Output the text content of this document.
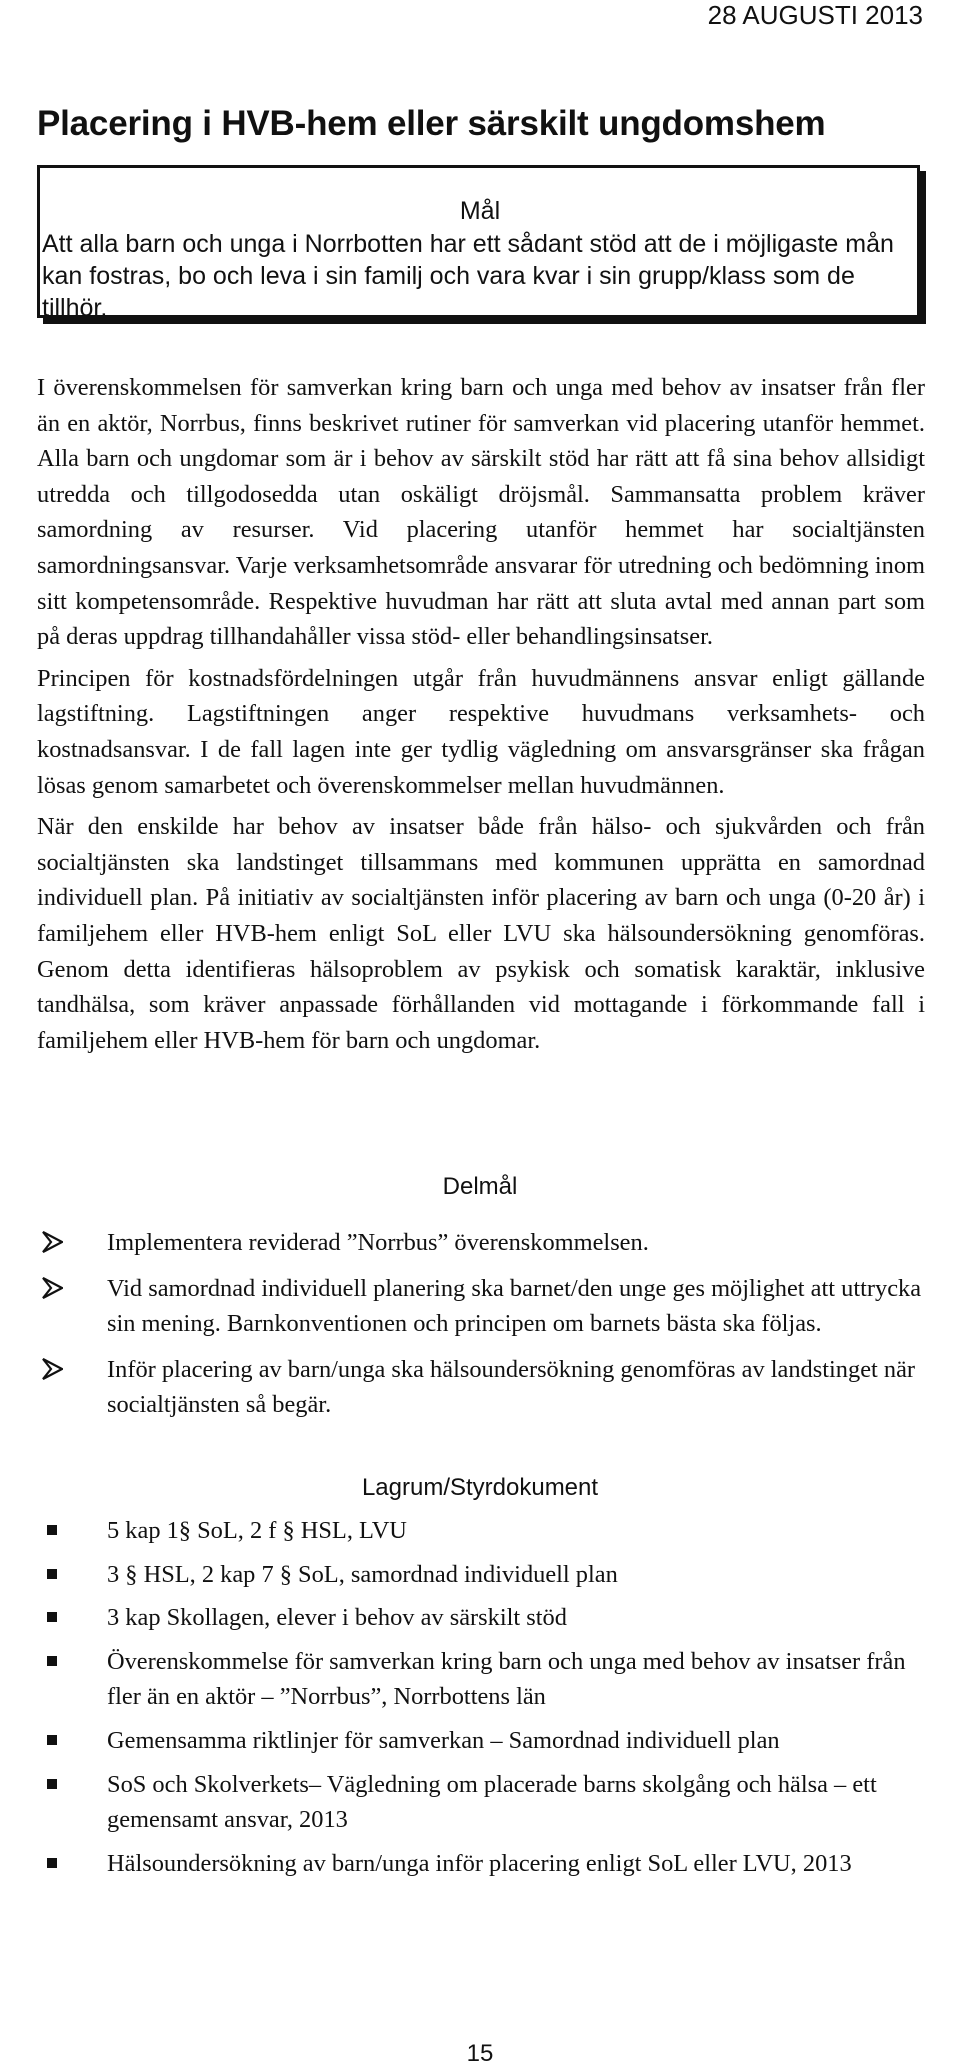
28 AUGUSTI 2013
Placering i HVB-hem eller särskilt ungdomshem
Mål
Att alla barn och unga i Norrbotten har ett sådant stöd att de i möjligaste mån kan fostras, bo och leva i sin familj och vara kvar i sin grupp/klass som de tillhör.

I överenskommelsen för samverkan kring barn och unga med behov av insatser från fler än en aktör, Norrbus, finns beskrivet rutiner för samverkan vid placering utanför hemmet. Alla barn och ungdomar som är i behov av särskilt stöd har rätt att få sina behov allsidigt utredda och tillgodosedda utan oskäligt dröjsmål. Sammansatta problem kräver samordning av resurser. Vid placering utanför hemmet har socialtjänsten samordningsansvar. Varje verksamhetsområde ansvarar för utredning och bedömning inom sitt kompetensområde. Respektive huvudman har rätt att sluta avtal med annan part som på deras uppdrag tillhandahåller vissa stöd- eller behandlingsinsatser.

Principen för kostnadsfördelningen utgår från huvudmännens ansvar enligt gällande lagstiftning. Lagstiftningen anger respektive huvudmans verksamhets- och kostnadsansvar. I de fall lagen inte ger tydlig vägledning om ansvarsgränser ska frågan lösas genom samarbetet och överenskommelser mellan huvudmännen.

När den enskilde har behov av insatser både från hälso- och sjukvården och från socialtjänsten ska landstinget tillsammans med kommunen upprätta en samordnad individuell plan. På initiativ av socialtjänsten inför placering av barn och unga (0-20 år) i familjehem eller HVB-hem enligt SoL eller LVU ska hälsoundersökning genomföras. Genom detta identifieras hälsoproblem av psykisk och somatisk karaktär, inklusive tandhälsa, som kräver anpassade förhållanden vid mottagande i förkommande fall i familjehem eller HVB-hem för barn och ungdomar.

Delmål
Implementera reviderad ”Norrbus” överenskommelsen.
Vid samordnad individuell planering ska barnet/den unge ges möjlighet att uttrycka sin mening. Barnkonventionen och principen om barnets bästa ska följas.
Inför placering av barn/unga ska hälsoundersökning genomföras av landstinget när socialtjänsten så begär.
Lagrum/Styrdokument
5 kap 1§ SoL, 2 f § HSL, LVU
3 § HSL, 2 kap 7 § SoL, samordnad individuell plan
3 kap Skollagen, elever i behov av särskilt stöd
Överenskommelse för samverkan kring barn och unga med behov av insatser från fler än en aktör – ”Norrbus”, Norrbottens län
Gemensamma riktlinjer för samverkan – Samordnad individuell plan
SoS och Skolverkets– Vägledning om placerade barns skolgång och hälsa – ett gemensamt ansvar, 2013
Hälsoundersökning av barn/unga inför placering enligt SoL eller LVU, 2013
15
